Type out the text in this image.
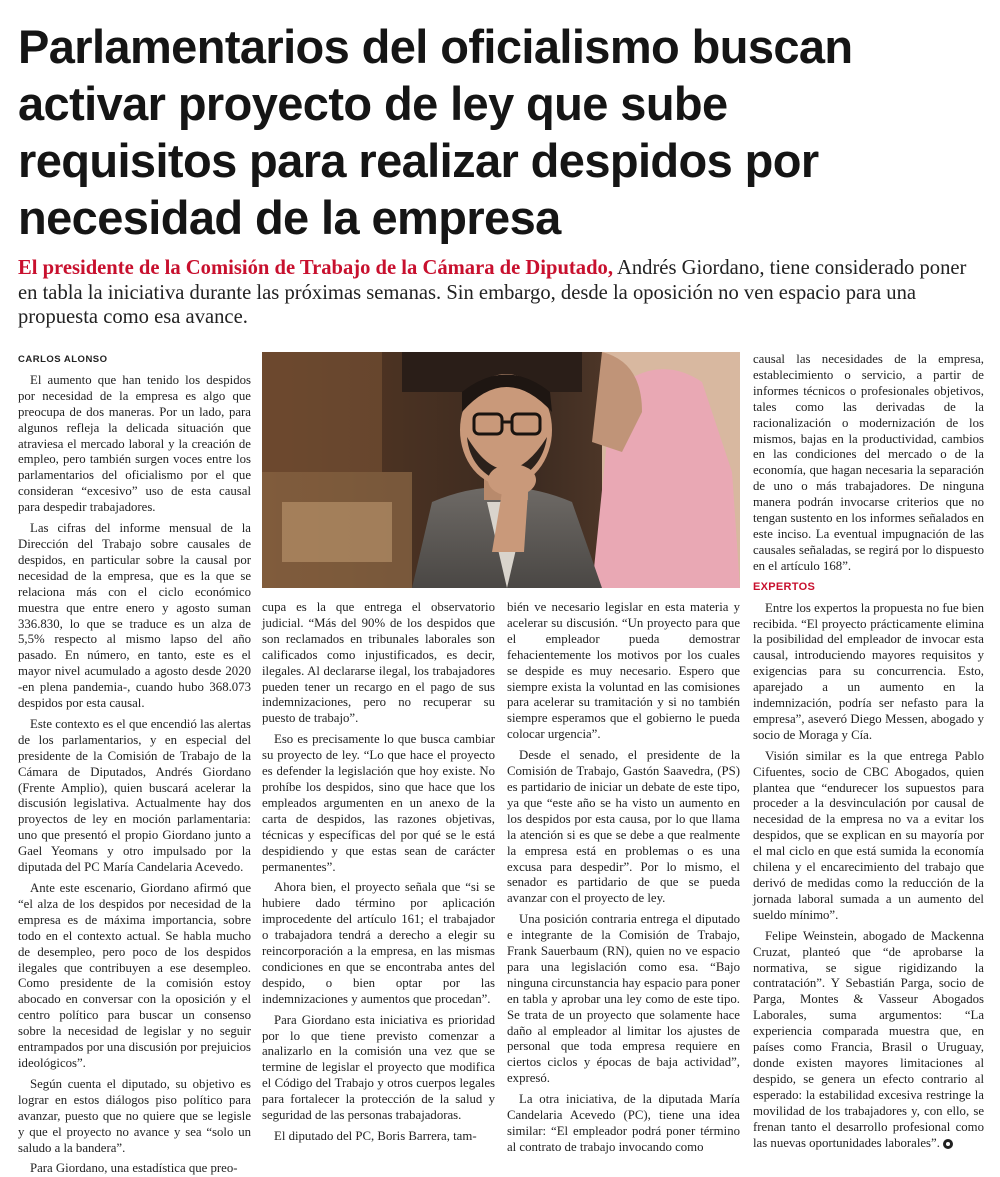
Parlamentarios del oficialismo buscan
activar proyecto de ley que sube
requisitos para realizar despidos por
necesidad de la empresa
El presidente de la Comisión de Trabajo de la Cámara de Diputado, Andrés Giordano, tiene considerado poner en tabla la iniciativa durante las próximas semanas. Sin embargo, desde la oposición no ven espacio para una propuesta como esa avance.

CARLOS ALONSO

El aumento que han tenido los despidos por necesidad de la empresa es algo que preocupa de dos maneras. Por un lado, para algunos refleja la delicada situación que atraviesa el mercado laboral y la creación de empleo, pero también surgen voces entre los parlamentarios del oficialismo por el que consideran “excesivo” uso de esta causal para despedir trabajadores.

Las cifras del informe mensual de la Dirección del Trabajo sobre causales de despidos, en particular sobre la causal por necesidad de la empresa, que es la que se relaciona más con el ciclo económico muestra que entre enero y agosto suman 336.830, lo que se traduce es un alza de 5,5% respecto al mismo lapso del año pasado. En número, en tanto, este es el mayor nivel acumulado a agosto desde 2020 -en plena pandemia-, cuando hubo 368.073 despidos por esta causal.

Este contexto es el que encendió las alertas de los parlamentarios, y en especial del presidente de la Comisión de Trabajo de la Cámara de Diputados, Andrés Giordano (Frente Amplio), quien buscará acelerar la discusión legislativa. Actualmente hay dos proyectos de ley en moción parlamentaria: uno que presentó el propio Giordano junto a Gael Yeomans y otro impulsado por la diputada del PC María Candelaria Acevedo.

Ante este escenario, Giordano afirmó que “el alza de los despidos por necesidad de la empresa es de máxima importancia, sobre todo en el contexto actual. Se habla mucho de desempleo, pero poco de los despidos ilegales que contribuyen a ese desempleo. Como presidente de la comisión estoy abocado en conversar con la oposición y el centro político para buscar un consenso sobre la necesidad de legislar y no seguir entrampados por una discusión por prejuicios ideológicos”.

Según cuenta el diputado, su objetivo es lograr en estos diálogos piso político para avanzar, puesto que no quiere que se legisle y que el proyecto no avance y sea “solo un saludo a la bandera”.

Para Giordano, una estadística que preo-

cupa es la que entrega el observatorio judicial. “Más del 90% de los despidos que son reclamados en tribunales laborales son calificados como injustificados, es decir, ilegales. Al declararse ilegal, los trabajadores pueden tener un recargo en el pago de sus indemnizaciones, pero no recuperar su puesto de trabajo”.

Eso es precisamente lo que busca cambiar su proyecto de ley. “Lo que hace el proyecto es defender la legislación que hoy existe. No prohíbe los despidos, sino que hace que los empleados argumenten en un anexo de la carta de despidos, las razones objetivas, técnicas y específicas del por qué se le está despidiendo y que estas sean de carácter permanentes”.

Ahora bien, el proyecto señala que “si se hubiere dado término por aplicación improcedente del artículo 161; el trabajador o trabajadora tendrá a derecho a elegir su reincorporación a la empresa, en las mismas condiciones en que se encontraba antes del despido, o bien optar por las indemnizaciones y aumentos que procedan”.

Para Giordano esta iniciativa es prioridad por lo que tiene previsto comenzar a analizarlo en la comisión una vez que se termine de legislar el proyecto que modifica el Código del Trabajo y otros cuerpos legales para fortalecer la protección de la salud y seguridad de las personas trabajadoras.

El diputado del PC, Boris Barrera, tam-

bién ve necesario legislar en esta materia y acelerar su discusión. “Un proyecto para que el empleador pueda demostrar fehacientemente los motivos por los cuales se despide es muy necesario. Espero que siempre exista la voluntad en las comisiones para acelerar su tramitación y si no también siempre esperamos que el gobierno le pueda colocar urgencia”.

Desde el senado, el presidente de la Comisión de Trabajo, Gastón Saavedra, (PS) es partidario de iniciar un debate de este tipo, ya que “este año se ha visto un aumento en los despidos por esta causa, por lo que llama la atención si es que se debe a que realmente la empresa está en problemas o es una excusa para despedir”. Por lo mismo, el senador es partidario de que se pueda avanzar con el proyecto de ley.

Una posición contraria entrega el diputado e integrante de la Comisión de Trabajo, Frank Sauerbaum (RN), quien no ve espacio para una legislación como esa. “Bajo ninguna circunstancia hay espacio para poner en tabla y aprobar una ley como de este tipo. Se trata de un proyecto que solamente hace daño al empleador al limitar los ajustes de personal que toda empresa requiere en ciertos ciclos y épocas de baja actividad”, expresó.

La otra iniciativa, de la diputada María Candelaria Acevedo (PC), tiene una idea similar: “El empleador podrá poner término al contrato de trabajo invocando como

causal las necesidades de la empresa, establecimiento o servicio, a partir de informes técnicos o profesionales objetivos, tales como las derivadas de la racionalización o modernización de los mismos, bajas en la productividad, cambios en las condiciones del mercado o de la economía, que hagan necesaria la separación de uno o más trabajadores. De ninguna manera podrán invocarse criterios que no tengan sustento en los informes señalados en este inciso. La eventual impugnación de las causales señaladas, se regirá por lo dispuesto en el artículo 168”.

EXPERTOS

Entre los expertos la propuesta no fue bien recibida. “El proyecto prácticamente elimina la posibilidad del empleador de invocar esta causal, introduciendo mayores requisitos y exigencias para su concurrencia. Esto, aparejado a un aumento en la indemnización, podría ser nefasto para la empresa”, aseveró Diego Messen, abogado y socio de Moraga y Cía.

Visión similar es la que entrega Pablo Cifuentes, socio de CBC Abogados, quien plantea que “endurecer los supuestos para proceder a la desvinculación por causal de necesidad de la empresa no va a evitar los despidos, que se explican en su mayoría por el mal ciclo en que está sumida la economía chilena y el encarecimiento del trabajo que derivó de medidas como la reducción de la jornada laboral sumada a un aumento del sueldo mínimo”.

Felipe Weinstein, abogado de Mackenna Cruzat, planteó que “de aprobarse la normativa, se sigue rigidizando la contratación”. Y Sebastián Parga, socio de Parga, Montes & Vasseur Abogados Laborales, suma argumentos: “La experiencia comparada muestra que, en países como Francia, Brasil o Uruguay, donde existen mayores limitaciones al despido, se genera un efecto contrario al esperado: la estabilidad excesiva restringe la movilidad de los trabajadores y, con ello, se frenan tanto el desarrollo profesional como las nuevas oportunidades laborales”.
